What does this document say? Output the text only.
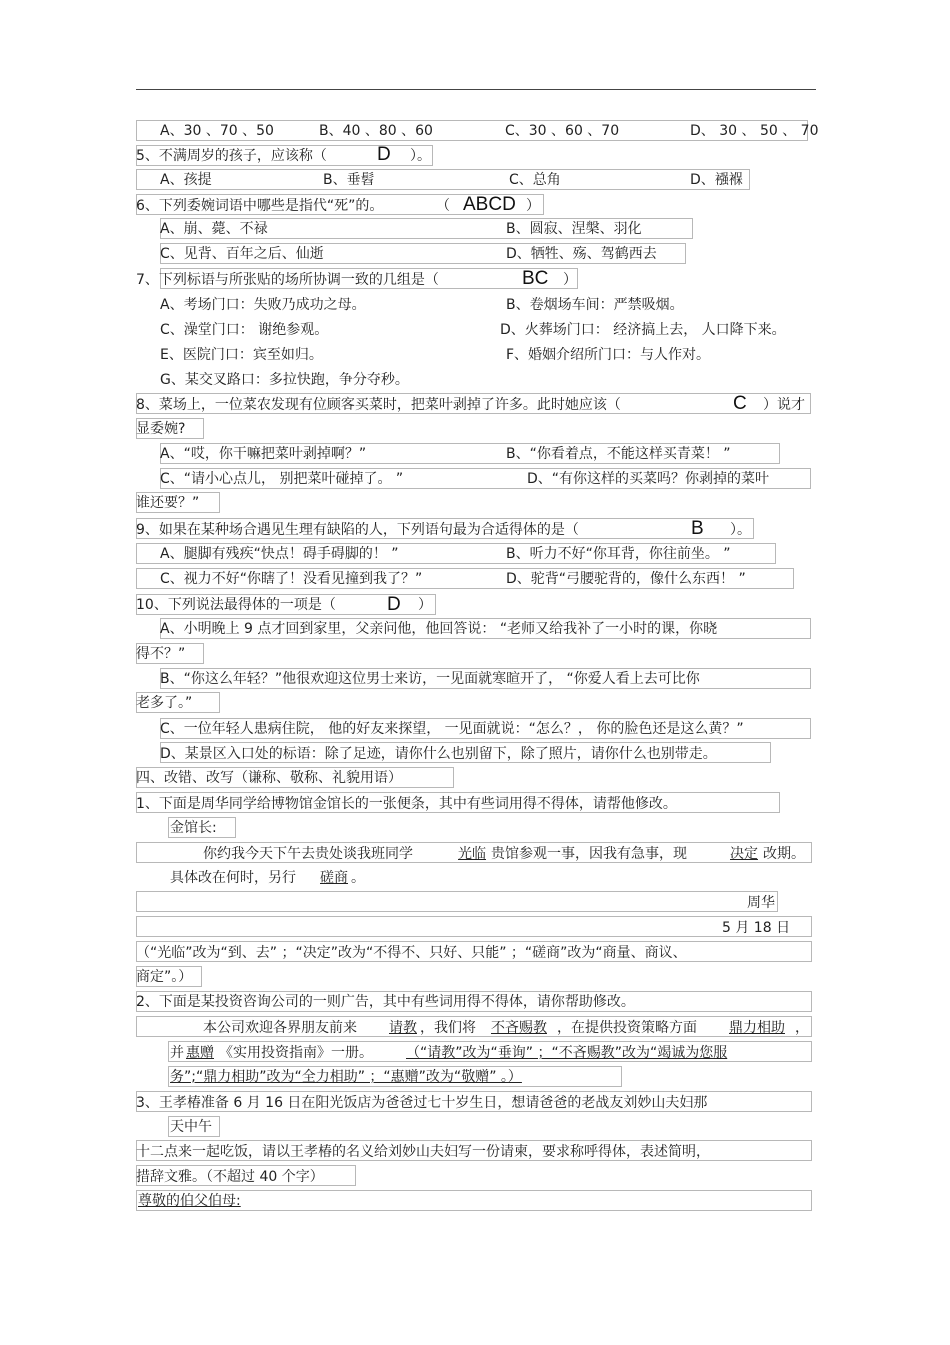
A、30 、70 、50	B、40 、80 、60	C、30 、60 、70	D、 30 、 50 、 70
5、不满周岁的孩子，应该称（	D ）。
A、孩提	B、垂髫	C、总角	D、襁褓
6、下列委婉词语中哪些是指代“死”的。	（ ABCD ）
A、崩、薨、不禄	B、圆寂、涅槃、羽化
C、见背、百年之后、仙逝	D、牺牲、殇、驾鹤西去
7、下列标语与所张贴的场所协调一致的几组是（	BC ）
A、考场门口：失败乃成功之母。	B、卷烟场车间：严禁吸烟。
C、澡堂门口： 谢绝参观。	D、火葬场门口： 经济搞上去， 人口降下来。
E、医院门口：宾至如归。	F、婚姻介绍所门口：与人作对。
G、某交叉路口：多拉快跑，争分夺秒。
8、菜场上，一位菜农发现有位顾客买菜时，把菜叶剥掉了许多。此时她应该（	C ）说才
显委婉?
A、“哎，你干嘛把菜叶剥掉啊？”	B、“你看着点，不能这样买青菜！ ”
C、“请小心点儿， 别把菜叶碰掉了。 ”	D、“有你这样的买菜吗？你剥掉的菜叶
谁还要？”
9、如果在某种场合遇见生理有缺陷的人，下列语句最为合适得体的是（	B ）。
A、腿脚有残疾“快点！碍手碍脚的！ ”	B、听力不好“你耳背，你往前坐。 ”
C、视力不好“你瞎了！没看见撞到我了？”	D、驼背“弓腰驼背的，像什么东西！ ”
10、下列说法最得体的一项是（	D ）
A、小明晚上 9 点才回到家里，父亲问他，他回答说： “老师又给我补了一小时的课，你晓
得不？”
B、“你这么年轻？”他很欢迎这位男士来访，一见面就寒暄开了， “你爱人看上去可比你
老多了。”
C、一位年轻人患病住院， 他的好友来探望， 一见面就说：“怎么？， 你的脸色还是这么黄？”
D、某景区入口处的标语：除了足迹，请你什么也别留下，除了照片，请你什么也别带走。
四、改错、改写（谦称、敬称、礼貌用语）
1、下面是周华同学给博物馆金馆长的一张便条，其中有些词用得不得体，请帮他修改。
金馆长:
你约我今天下午去贵处谈我班同学	光临 贵馆参观一事，因我有急事，现	决定 改期。
具体改在何时，另行 磋商 。
周华
5 月 18 日
（“光临”改为“到、去” ；“决定”改为“不得不、只好、只能” ；“磋商”改为“商量、商议、
商定”。）
2、下面是某投资咨询公司的一则广告，其中有些词用得不得体，请你帮助修改。
本公司欢迎各界朋友前来 请教 ，我们将 不吝赐教 ，在提供投资策略方面 鼎力相助 ，
并 惠赠 《实用投资指南》一册。 （“请教”改为“垂询” ；“不吝赐教”改为“竭诚为您服
务”;“鼎力相助”改为“全力相助” ；“惠赠”改为“敬赠” 。）
3、王孝椿准备 6 月 16 日在阳光饭店为爸爸过七十岁生日，想请爸爸的老战友刘妙山夫妇那
天中午
十二点来一起吃饭，请以王孝椿的名义给刘妙山夫妇写一份请柬，要求称呼得体，表述简明，
措辞文雅。（不超过 40 个字）
尊敬的伯父伯母:
